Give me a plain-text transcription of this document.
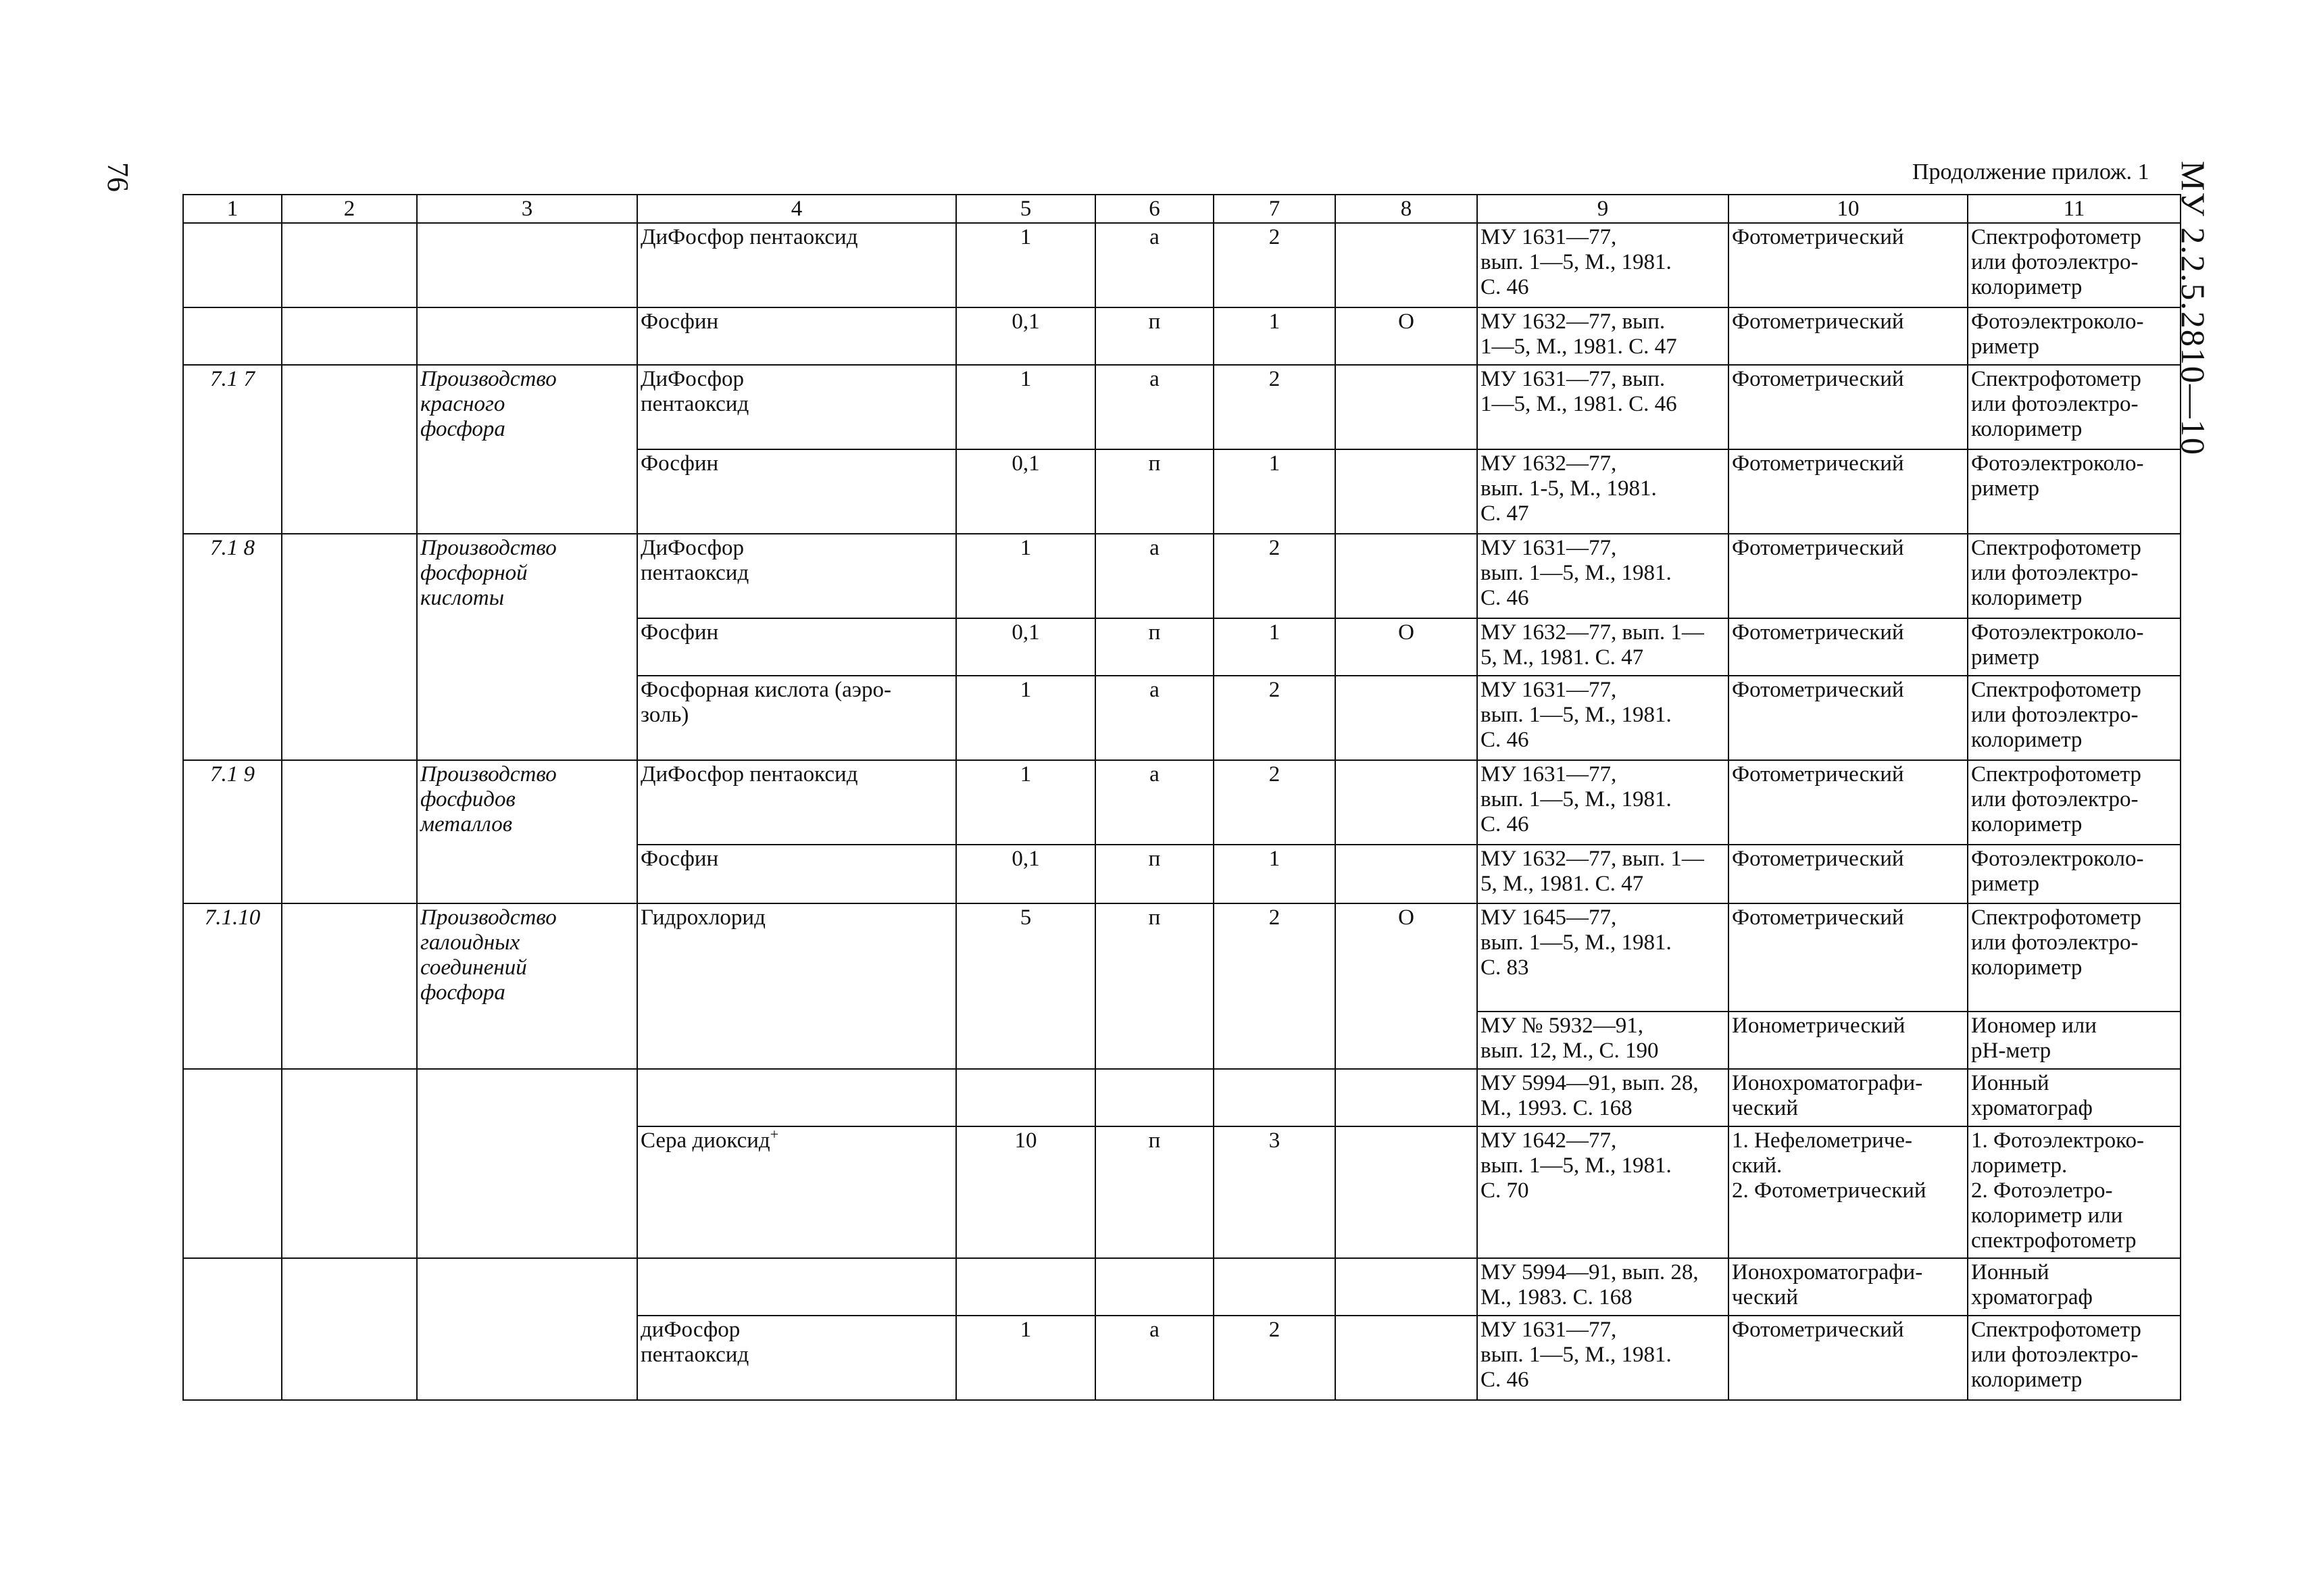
76	Продолжение прилож. 1 МУ 2.2.5.2810—10
1	2	3	4	5	6	7	8	9	10	11
			ДиФосфор пентаоксид	1	а	2		МУ 1631—77,
вып. 1—5, М., 1981.
С. 46	Фотометрический	Спектрофотометр
или фотоэлектро-
колориметр
			Фосфин	0,1	п	1	О	МУ 1632—77, вып.
1—5, М., 1981. С. 47	Фотометрический	Фотоэлектроколо-
риметр
7.1 7		Производство
красного
фосфора	ДиФосфор
пентаоксид	1	а	2		МУ 1631—77, вып.
1—5, М., 1981. С. 46	Фотометрический	Спектрофотометр
или фотоэлектро-
колориметр
			Фосфин	0,1	п	1		МУ 1632—77,
вып. 1-5, М., 1981.
С. 47	Фотометрический	Фотоэлектроколо-
риметр
7.1 8		Производство
фосфорной
кислоты	ДиФосфор
пентаоксид	1	а	2		МУ 1631—77,
вып. 1—5, М., 1981.
С. 46	Фотометрический	Спектрофотометр
или фотоэлектро-
колориметр
			Фосфин	0,1	п	1	О	МУ 1632—77, вып. 1—
5, М., 1981. С. 47	Фотометрический	Фотоэлектроколо-
риметр
			Фосфорная кислота (аэро-
золь)	1	а	2		МУ 1631—77,
вып. 1—5, М., 1981.
С. 46	Фотометрический	Спектрофотометр
или фотоэлектро-
колориметр
7.1 9		Производство
фосфидов
металлов	ДиФосфор пентаоксид	1	а	2		МУ 1631—77,
вып. 1—5, М., 1981.
С. 46	Фотометрический	Спектрофотометр
или фотоэлектро-
колориметр
			Фосфин	0,1	п	1		МУ 1632—77, вып. 1—
5, М., 1981. С. 47	Фотометрический	Фотоэлектроколо-
риметр
7.1.10		Производство
галоидных
соединений
фосфора	Гидрохлорид	5	п	2	О	МУ 1645—77,
вып. 1—5, М., 1981.
С. 83	Фотометрический	Спектрофотометр
или фотоэлектро-
колориметр
								МУ № 5932—91,
вып. 12, М., С. 190	Ионометрический	Иономер или
pH-метр
								МУ 5994—91, вып. 28,
М., 1993. С. 168	Ионохроматографи-
ческий	Ионный
хроматограф
			Сера диоксид+	10	п	3		МУ 1642—77,
вып. 1—5, М., 1981.
С. 70	1. Нефелометриче-
ский.
2. Фотометрический	1. Фотоэлектроко-
лориметр.
2. Фотоэлетро-
колориметр или
спектрофотометр
								МУ 5994—91, вып. 28,
М., 1983. С. 168	Ионохроматографи-
ческий	Ионный
хроматограф
			диФосфор
пентаоксид	1	а	2		МУ 1631—77,
вып. 1—5, М., 1981.
С. 46	Фотометрический	Спектрофотометр
или фотоэлектро-
колориметр
